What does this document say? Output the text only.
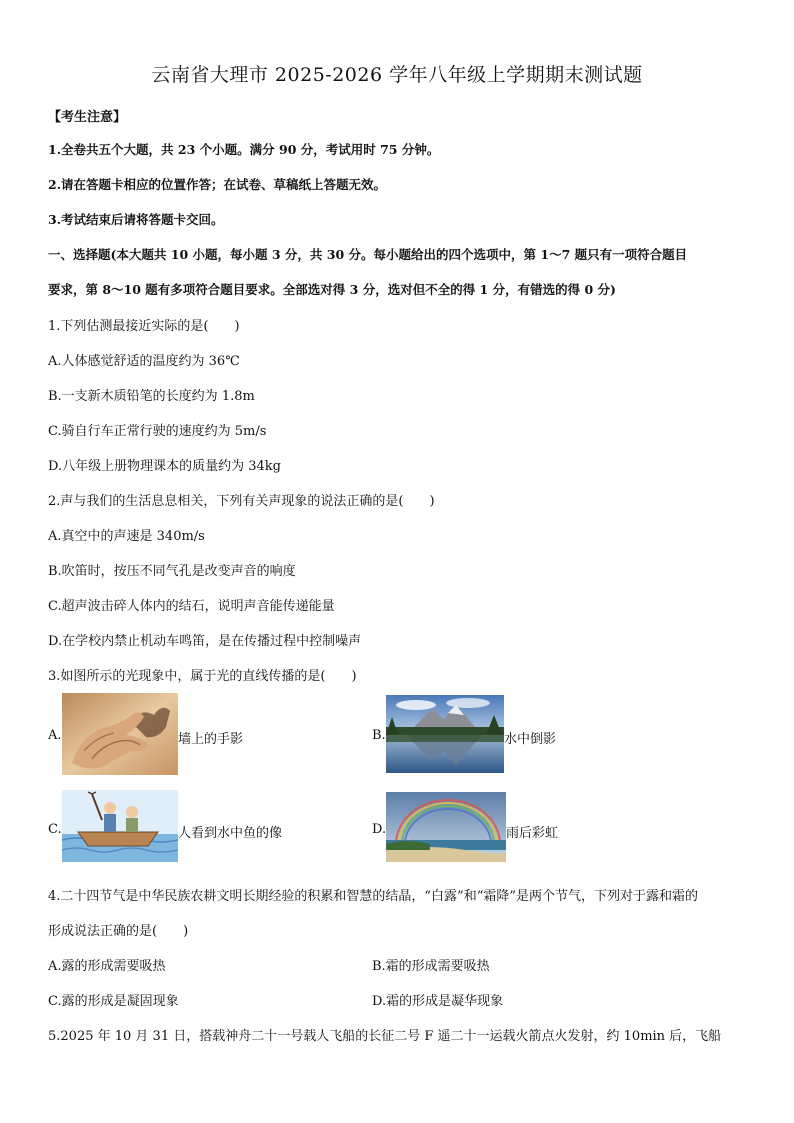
云南省大理市 2025-2026 学年八年级上学期期末测试题
【考生注意】
1.全卷共五个大题，共 23 个小题。满分 90 分，考试用时 75 分钟。
2.请在答题卡相应的位置作答；在试卷、草稿纸上答题无效。
3.考试结束后请将答题卡交回。
一、选择题(本大题共 10 小题，每小题 3 分，共 30 分。每小题给出的四个选项中，第 1～7 题只有一项符合题目
要求，第 8～10 题有多项符合题目要求。全部选对得 3 分，选对但不全的得 1 分，有错选的得 0 分)
1.下列估测最接近实际的是(　　)
A.人体感觉舒适的温度约为 36℃
B.一支新木质铅笔的长度约为 1.8m
C.骑自行车正常行驶的速度约为 5m/s
D.八年级上册物理课本的质量约为 34kg
2.声与我们的生活息息相关，下列有关声现象的说法正确的是(　　)
A.真空中的声速是 340m/s
B.吹笛时，按压不同气孔是改变声音的响度
C.超声波击碎人体内的结石，说明声音能传递能量
D.在学校内禁止机动车鸣笛，是在传播过程中控制噪声
3.如图所示的光现象中，属于光的直线传播的是(　　)
A.	墙上的手影	B.	水中倒影
C.	人看到水中鱼的像	D.	雨后彩虹
4.二十四节气是中华民族农耕文明长期经验的积累和智慧的结晶，“白露”和“霜降”是两个节气，下列对于露和霜的
形成说法正确的是(　　)
A.露的形成需要吸热	B.霜的形成需要吸热
C.露的形成是凝固现象	D.霜的形成是凝华现象
5.2025 年 10 月 31 日，搭载神舟二十一号载人飞船的长征二号 F 遥二十一运载火箭点火发射，约 10min 后，飞船
